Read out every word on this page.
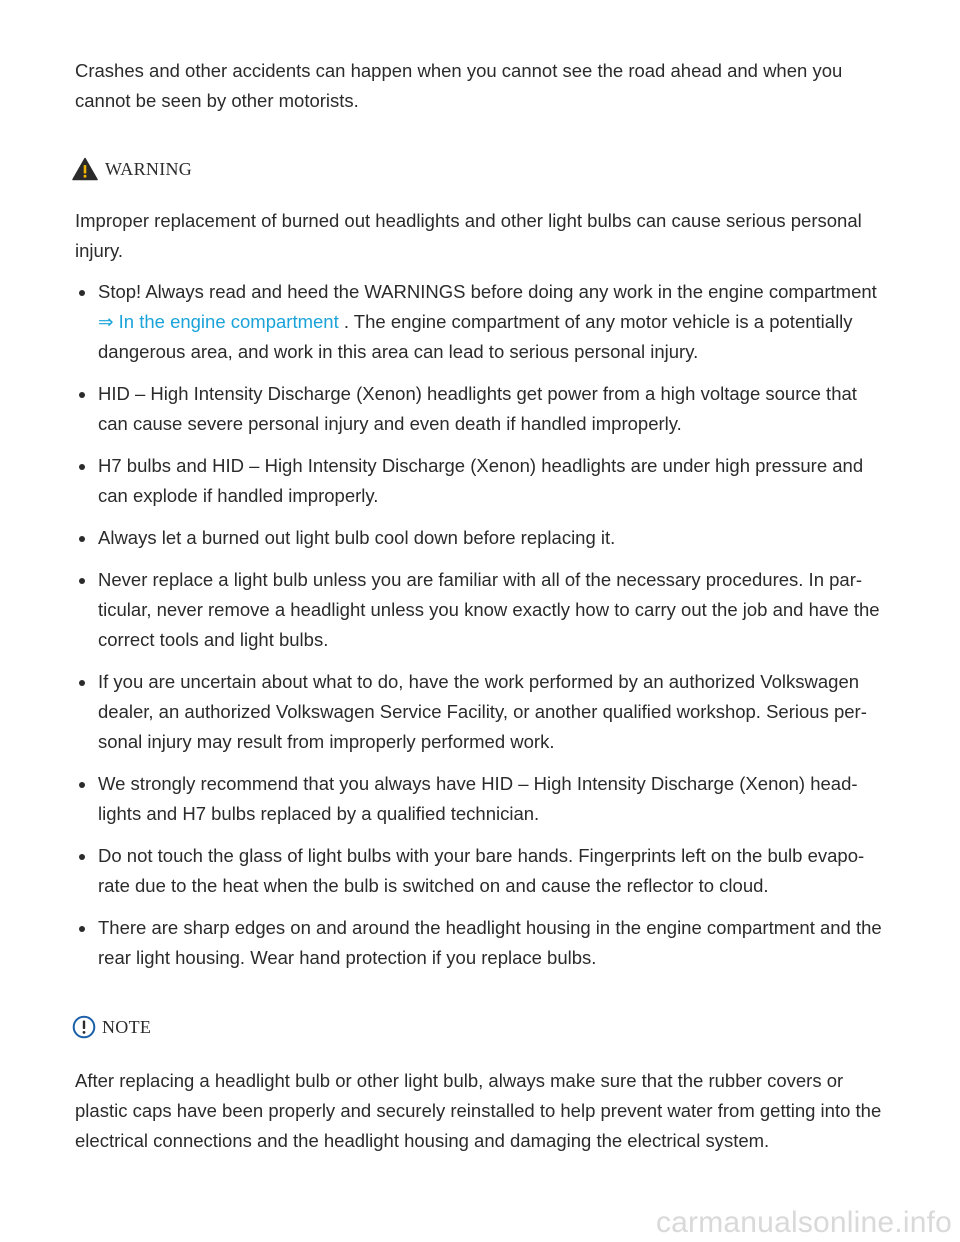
Crashes and other accidents can happen when you cannot see the road ahead and when you cannot be seen by other motorists.

WARNING

Improper replacement of burned out headlights and other light bulbs can cause serious personal injury.

Stop! Always read and heed the WARNINGS before doing any work in the engine compartment ⇒ In the engine compartment . The engine compartment of any motor vehicle is a potentially dangerous area, and work in this area can lead to serious personal injury.
HID – High Intensity Discharge (Xenon) headlights get power from a high voltage source that can cause severe personal injury and even death if handled improperly.
H7 bulbs and HID – High Intensity Discharge (Xenon) headlights are under high pressure and can explode if handled improperly.
Always let a burned out light bulb cool down before replacing it.
Never replace a light bulb unless you are familiar with all of the necessary procedures. In particular, never remove a headlight unless you know exactly how to carry out the job and have the correct tools and light bulbs.
If you are uncertain about what to do, have the work performed by an authorized Volkswagen dealer, an authorized Volkswagen Service Facility, or another qualified workshop. Serious personal injury may result from improperly performed work.
We strongly recommend that you always have HID – High Intensity Discharge (Xenon) headlights and H7 bulbs replaced by a qualified technician.
Do not touch the glass of light bulbs with your bare hands. Fingerprints left on the bulb evaporate due to the heat when the bulb is switched on and cause the reflector to cloud.
There are sharp edges on and around the headlight housing in the engine compartment and the rear light housing. Wear hand protection if you replace bulbs.
NOTE

After replacing a headlight bulb or other light bulb, always make sure that the rubber covers or plastic caps have been properly and securely reinstalled to help prevent water from getting into the electrical connections and the headlight housing and damaging the electrical system.

carmanualsonline.info
